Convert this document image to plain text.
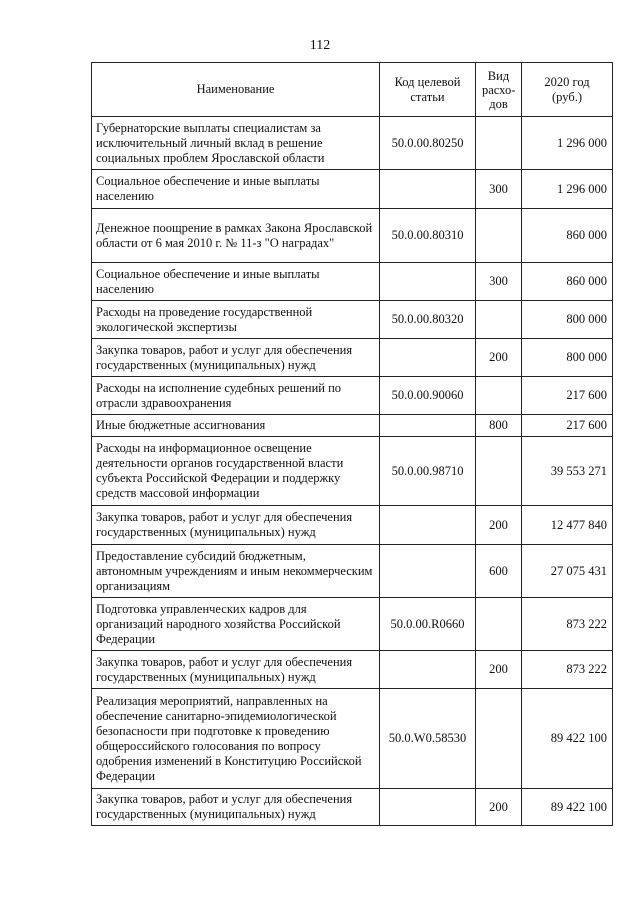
112
Наименование	Код целевой статьи	Вид расхо-дов	2020 год (руб.)
Губернаторские выплаты специалистам за исключительный личный вклад в решение социальных проблем Ярославской области	50.0.00.80250		1 296 000
Социальное обеспечение и иные выплаты населению		300	1 296 000
Денежное поощрение в рамках Закона Ярославской области от 6 мая 2010 г. № 11-з "О наградах"	50.0.00.80310		860 000
Социальное обеспечение и иные выплаты населению		300	860 000
Расходы на проведение государственной экологической экспертизы	50.0.00.80320		800 000
Закупка товаров, работ и услуг для обеспечения государственных (муниципальных) нужд		200	800 000
Расходы на исполнение судебных решений по отрасли здравоохранения	50.0.00.90060		217 600
Иные бюджетные ассигнования		800	217 600
Расходы на информационное освещение деятельности органов государственной власти субъекта Российской Федерации и поддержку средств массовой информации	50.0.00.98710		39 553 271
Закупка товаров, работ и услуг для обеспечения государственных (муниципальных) нужд		200	12 477 840
Предоставление субсидий бюджетным, автономным учреждениям и иным некоммерческим организациям		600	27 075 431
Подготовка управленческих кадров для организаций народного хозяйства Российской Федерации	50.0.00.R0660		873 222
Закупка товаров, работ и услуг для обеспечения государственных (муниципальных) нужд		200	873 222
Реализация мероприятий, направленных на обеспечение санитарно-эпидемиологической безопасности при подготовке к проведению общероссийского голосования по вопросу одобрения изменений в Конституцию Российской Федерации	50.0.W0.58530		89 422 100
Закупка товаров, работ и услуг для обеспечения государственных (муниципальных) нужд		200	89 422 100
